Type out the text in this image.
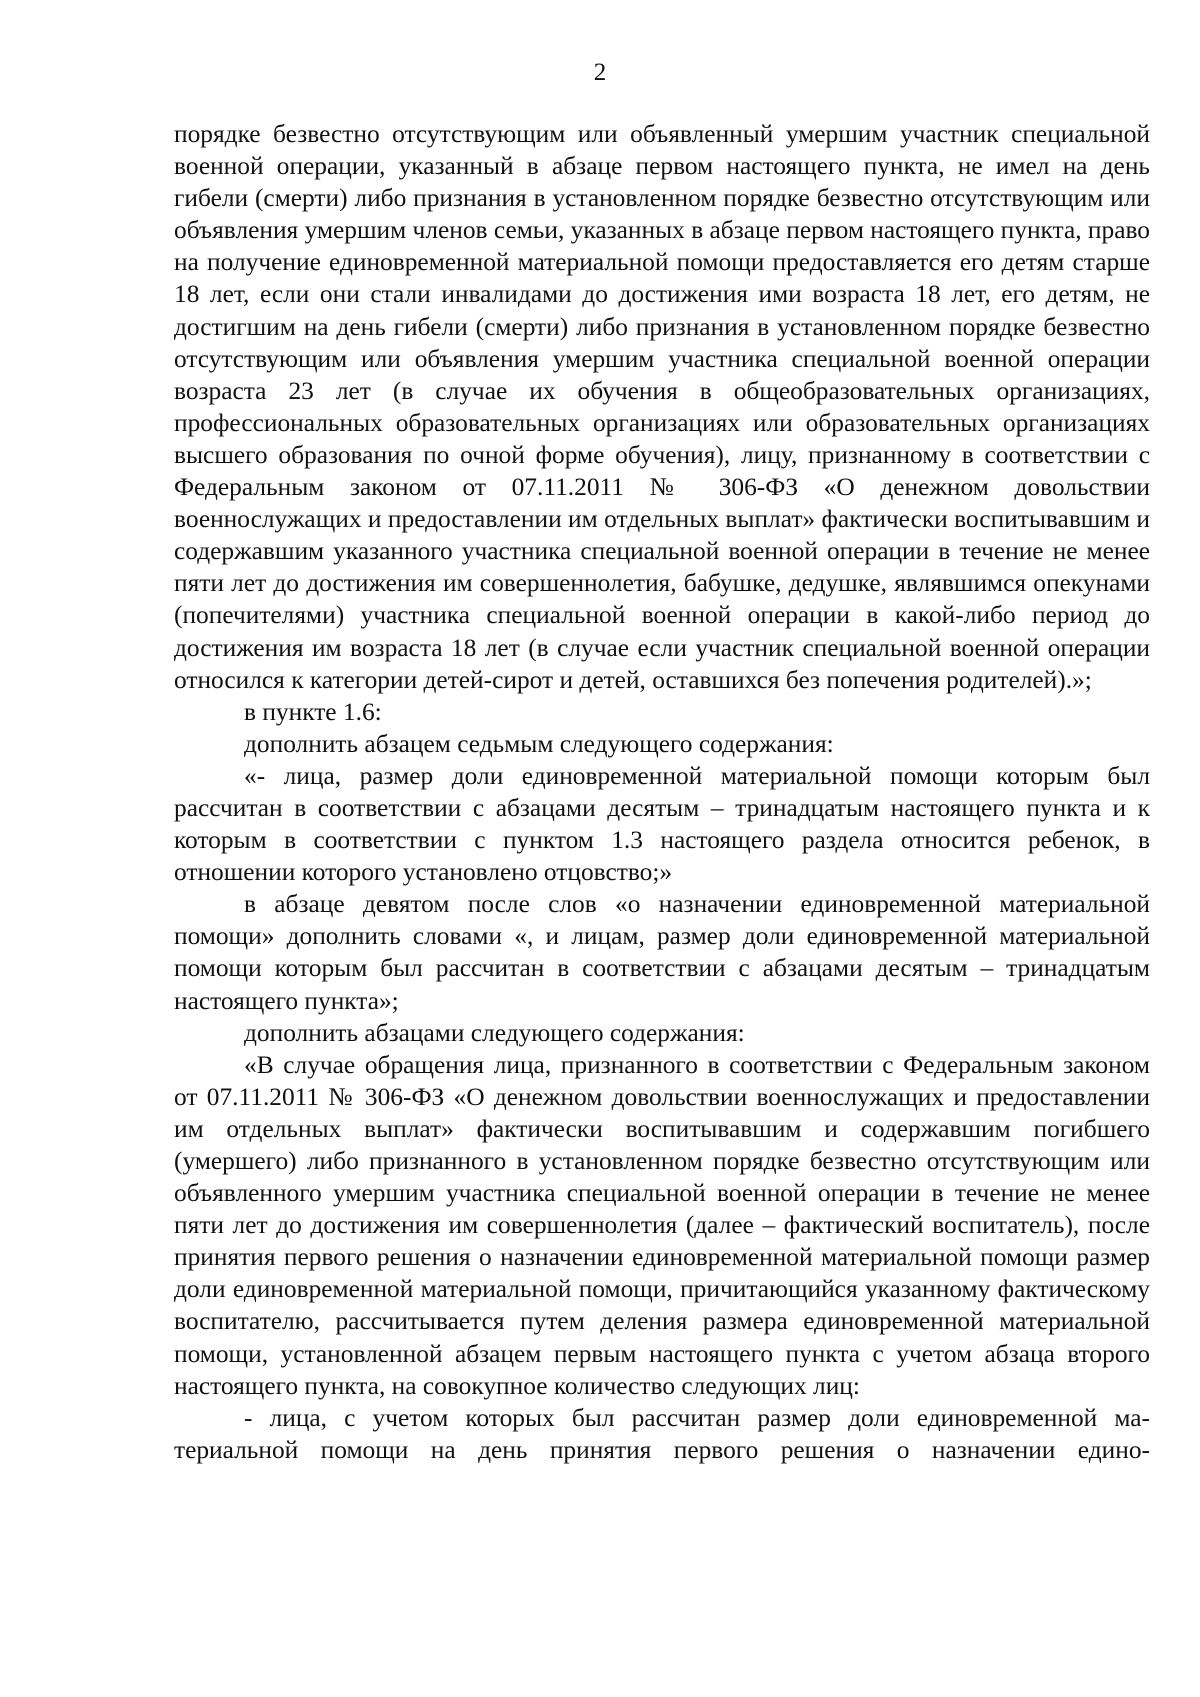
2

порядке безвестно отсутствующим или объявленный умершим участник специальной военной операции, указанный в абзаце первом настоящего пункта, не имел на день гибели (смерти) либо признания в установленном порядке безвестно отсутствующим или объявления умершим членов семьи, указанных в абзаце первом настоящего пункта, право на получение единовременной материальной помощи предоставляется его детям старше 18 лет, если они стали инвалидами до достижения ими возраста 18 лет, его детям, не достигшим на день гибели (смерти) либо признания в установленном порядке безвестно отсутствующим или объявления умершим участника специальной военной операции возраста 23 лет (в случае их обучения в общеобразовательных организациях, профессиональных образовательных организациях или образовательных организациях высшего образования по очной форме обучения), лицу, признанному в соответствии с Федеральным законом от 07.11.2011 № 306-ФЗ «О денежном довольствии военнослужащих и предоставлении им отдельных выплат» фактически воспитывавшим и содержавшим указанного участника специальной военной операции в течение не менее пяти лет до достижения им совершеннолетия, бабушке, дедушке, являвшимся опекунами (попечителями) участника специальной военной операции в какой-либо период до достижения им возраста 18 лет (в случае если участник специальной военной операции относился к категории детей-сирот и детей, оставшихся без попечения родителей).»;

в пункте 1.6:

дополнить абзацем седьмым следующего содержания:

«- лица, размер доли единовременной материальной помощи которым был рассчитан в соответствии с абзацами десятым – тринадцатым настоящего пункта и к которым в соответствии с пунктом 1.3 настоящего раздела относится ребенок, в отношении которого установлено отцовство;»

в абзаце девятом после слов «о назначении единовременной материальной помощи» дополнить словами «, и лицам, размер доли единовременной материальной помощи которым был рассчитан в соответствии с абзацами десятым – тринадцатым настоящего пункта»;

дополнить абзацами следующего содержания:

«В случае обращения лица, признанного в соответствии с Федеральным законом от 07.11.2011 № 306-ФЗ «О денежном довольствии военнослужащих и предоставлении им отдельных выплат» фактически воспитывавшим и содержавшим погибшего (умершего) либо признанного в установленном порядке безвестно отсутствующим или объявленного умершим участника специальной военной операции в течение не менее пяти лет до достижения им совершеннолетия (далее – фактический воспитатель), после принятия первого решения о назначении единовременной материальной помощи размер доли единовременной материальной помощи, причитающийся указанному фактическому воспитателю, рассчитывается путем деления размера единовременной материальной помощи, установленной абзацем первым настоящего пункта с учетом абзаца второго настоящего пункта, на совокупное количество следующих лиц:

- лица, с учетом которых был рассчитан размер доли единовременной материальной помощи на день принятия первого решения о назначении едино-
